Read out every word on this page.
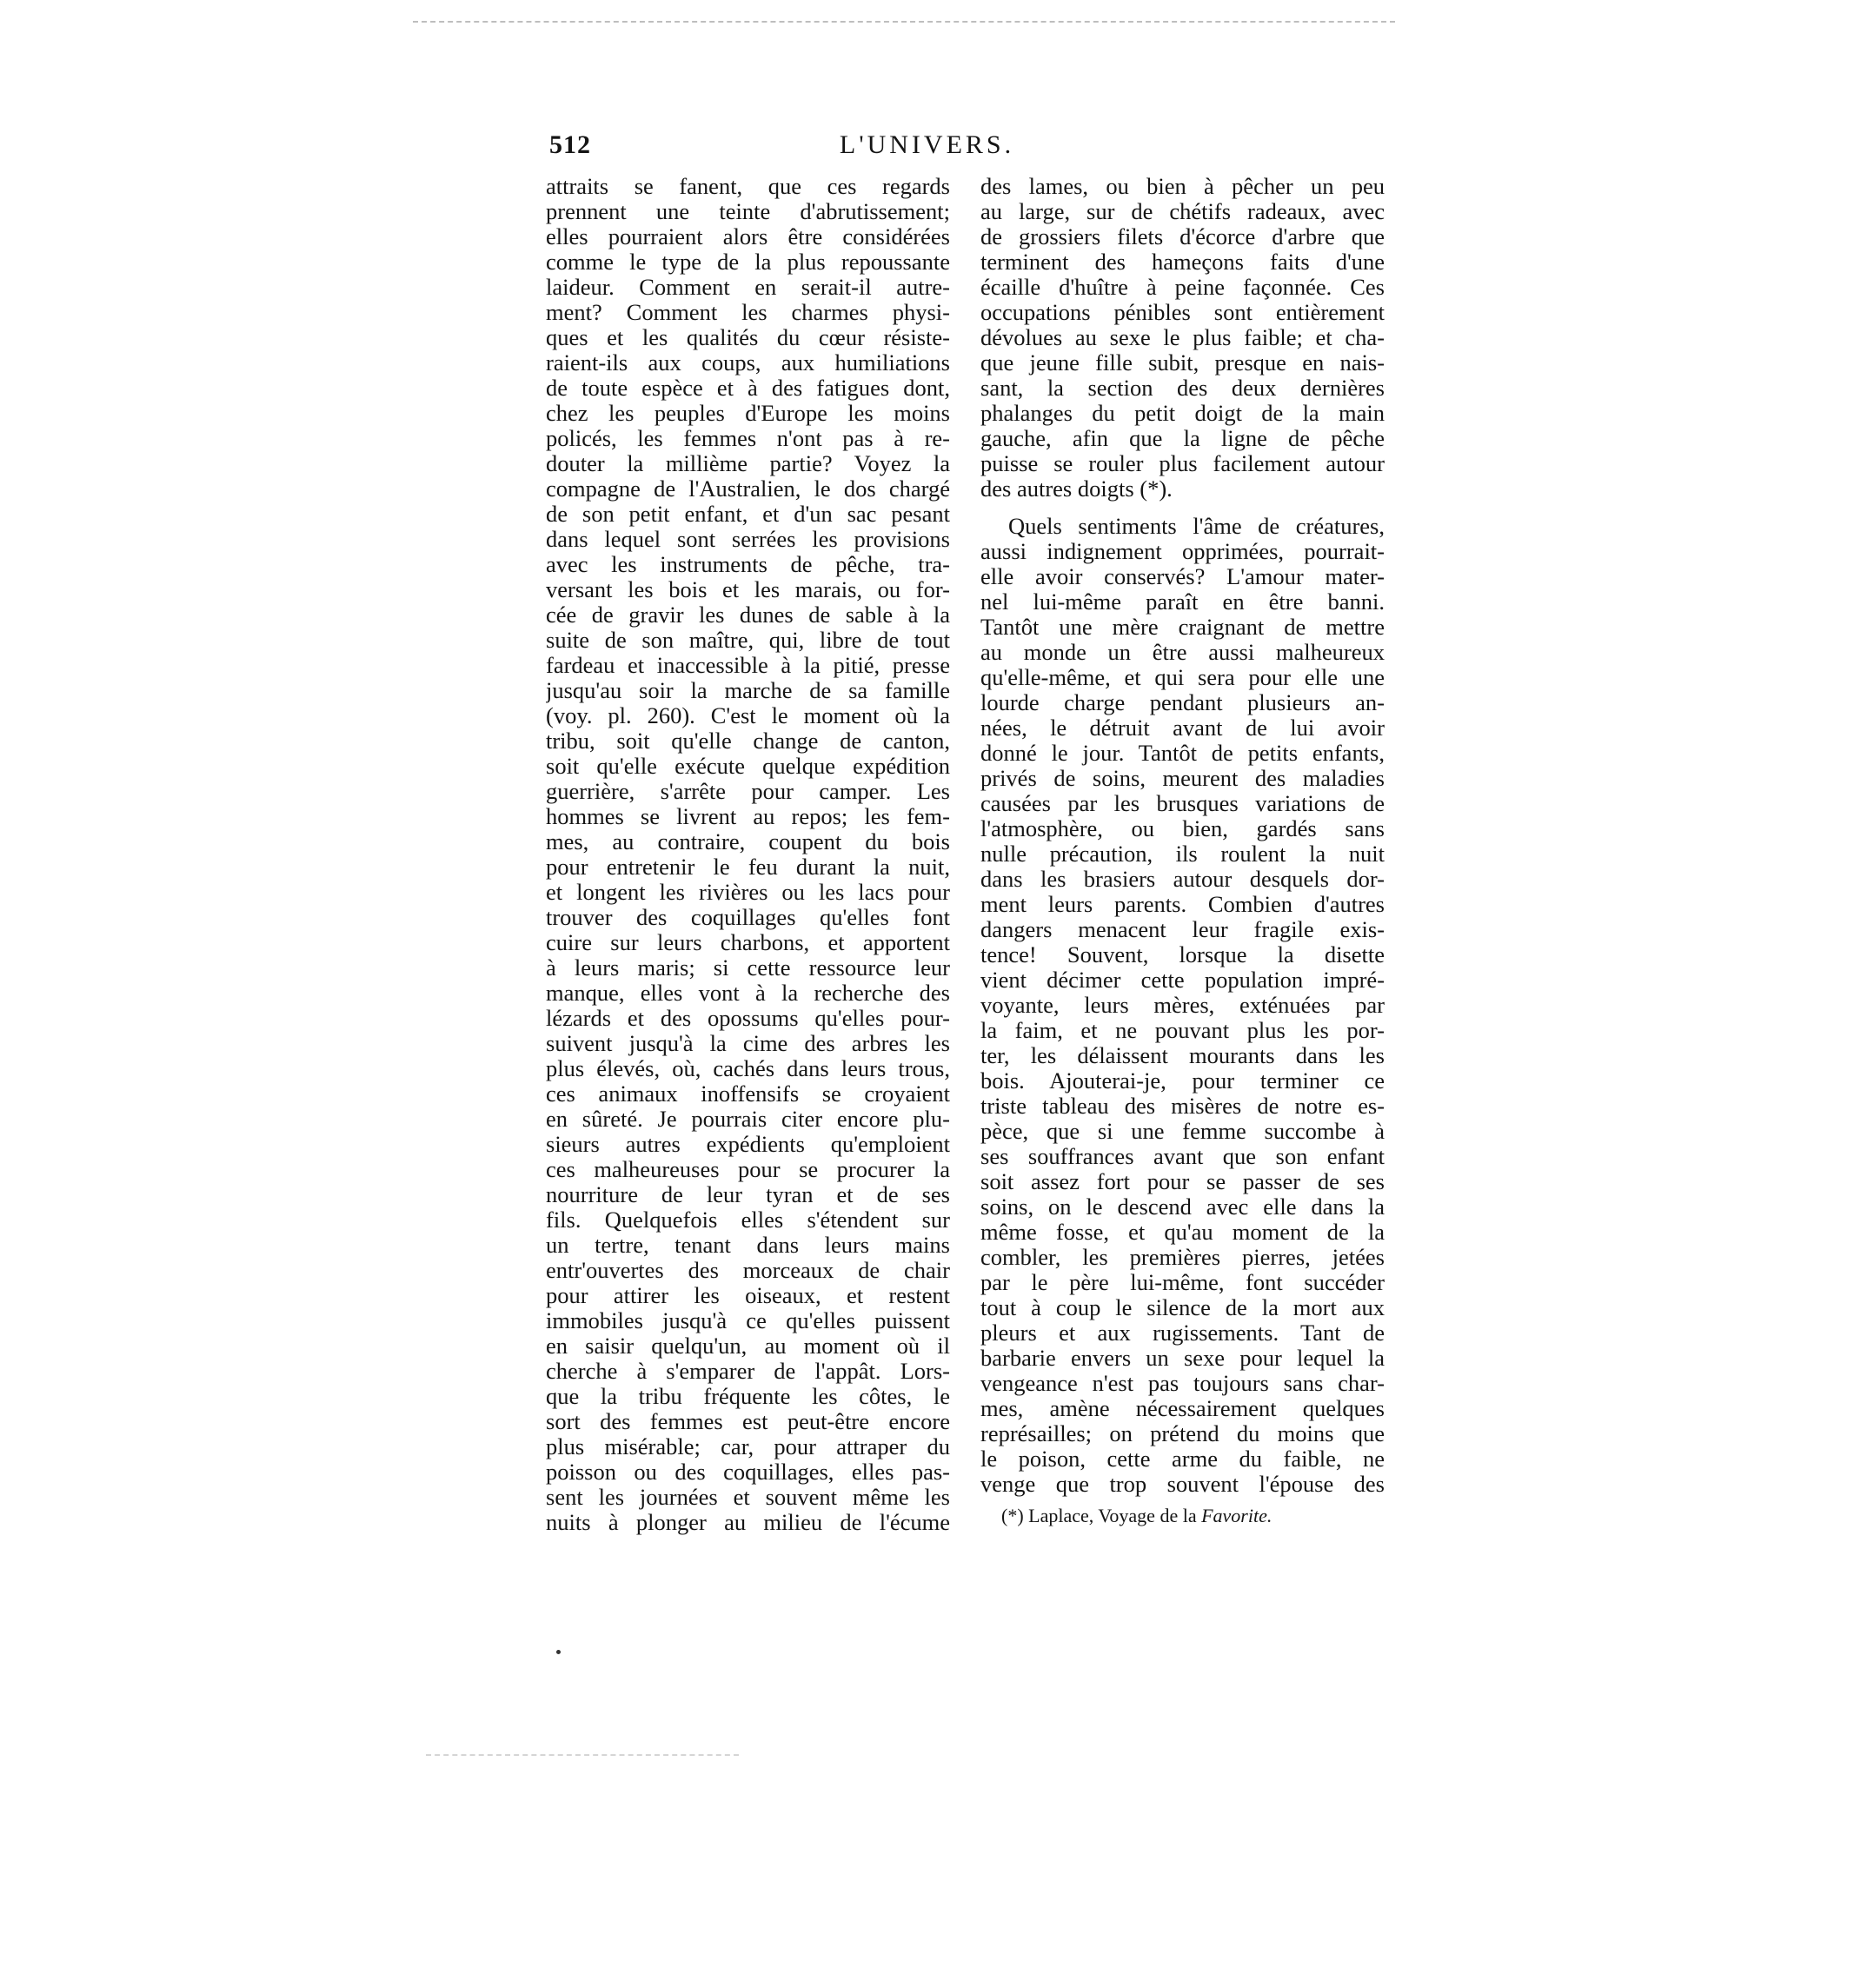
512	L'UNIVERS.
attraits se fanent, que ces regards
prennent une teinte d'abrutissement;
elles pourraient alors être considérées
comme le type de la plus repoussante
laideur. Comment en serait-il autre-
ment? Comment les charmes physi-
ques et les qualités du cœur résiste-
raient-ils aux coups, aux humiliations
de toute espèce et à des fatigues dont,
chez les peuples d'Europe les moins
policés, les femmes n'ont pas à re-
douter la millième partie? Voyez la
compagne de l'Australien, le dos chargé
de son petit enfant, et d'un sac pesant
dans lequel sont serrées les provisions
avec les instruments de pêche, tra-
versant les bois et les marais, ou for-
cée de gravir les dunes de sable à la
suite de son maître, qui, libre de tout
fardeau et inaccessible à la pitié, presse
jusqu'au soir la marche de sa famille
(voy. pl. 260). C'est le moment où la
tribu, soit qu'elle change de canton,
soit qu'elle exécute quelque expédition
guerrière, s'arrête pour camper. Les
hommes se livrent au repos; les fem-
mes, au contraire, coupent du bois
pour entretenir le feu durant la nuit,
et longent les rivières ou les lacs pour
trouver des coquillages qu'elles font
cuire sur leurs charbons, et apportent
à leurs maris; si cette ressource leur
manque, elles vont à la recherche des
lézards et des opossums qu'elles pour-
suivent jusqu'à la cime des arbres les
plus élevés, où, cachés dans leurs trous,
ces animaux inoffensifs se croyaient
en sûreté. Je pourrais citer encore plu-
sieurs autres expédients qu'emploient
ces malheureuses pour se procurer la
nourriture de leur tyran et de ses
fils. Quelquefois elles s'étendent sur
un tertre, tenant dans leurs mains
entr'ouvertes des morceaux de chair
pour attirer les oiseaux, et restent
immobiles jusqu'à ce qu'elles puissent
en saisir quelqu'un, au moment où il
cherche à s'emparer de l'appât. Lors-
que la tribu fréquente les côtes, le
sort des femmes est peut-être encore
plus misérable; car, pour attraper du
poisson ou des coquillages, elles pas-
sent les journées et souvent même les
nuits à plonger au milieu de l'écume
des lames, ou bien à pêcher un peu
au large, sur de chétifs radeaux, avec
de grossiers filets d'écorce d'arbre que
terminent des hameçons faits d'une
écaille d'huître à peine façonnée. Ces
occupations pénibles sont entièrement
dévolues au sexe le plus faible; et cha-
que jeune fille subit, presque en nais-
sant, la section des deux dernières
phalanges du petit doigt de la main
gauche, afin que la ligne de pêche
puisse se rouler plus facilement autour
des autres doigts (*).
Quels sentiments l'âme de créatures,
aussi indignement opprimées, pourrait-
elle avoir conservés? L'amour mater-
nel lui-même paraît en être banni.
Tantôt une mère craignant de mettre
au monde un être aussi malheureux
qu'elle-même, et qui sera pour elle une
lourde charge pendant plusieurs an-
nées, le détruit avant de lui avoir
donné le jour. Tantôt de petits enfants,
privés de soins, meurent des maladies
causées par les brusques variations de
l'atmosphère, ou bien, gardés sans
nulle précaution, ils roulent la nuit
dans les brasiers autour desquels dor-
ment leurs parents. Combien d'autres
dangers menacent leur fragile exis-
tence! Souvent, lorsque la disette
vient décimer cette population impré-
voyante, leurs mères, exténuées par
la faim, et ne pouvant plus les por-
ter, les délaissent mourants dans les
bois. Ajouterai-je, pour terminer ce
triste tableau des misères de notre es-
pèce, que si une femme succombe à
ses souffrances avant que son enfant
soit assez fort pour se passer de ses
soins, on le descend avec elle dans la
même fosse, et qu'au moment de la
combler, les premières pierres, jetées
par le père lui-même, font succéder
tout à coup le silence de la mort aux
pleurs et aux rugissements. Tant de
barbarie envers un sexe pour lequel la
vengeance n'est pas toujours sans char-
mes, amène nécessairement quelques
représailles; on prétend du moins que
le poison, cette arme du faible, ne
venge que trop souvent l'épouse des
(*) Laplace, Voyage de la Favorite.
